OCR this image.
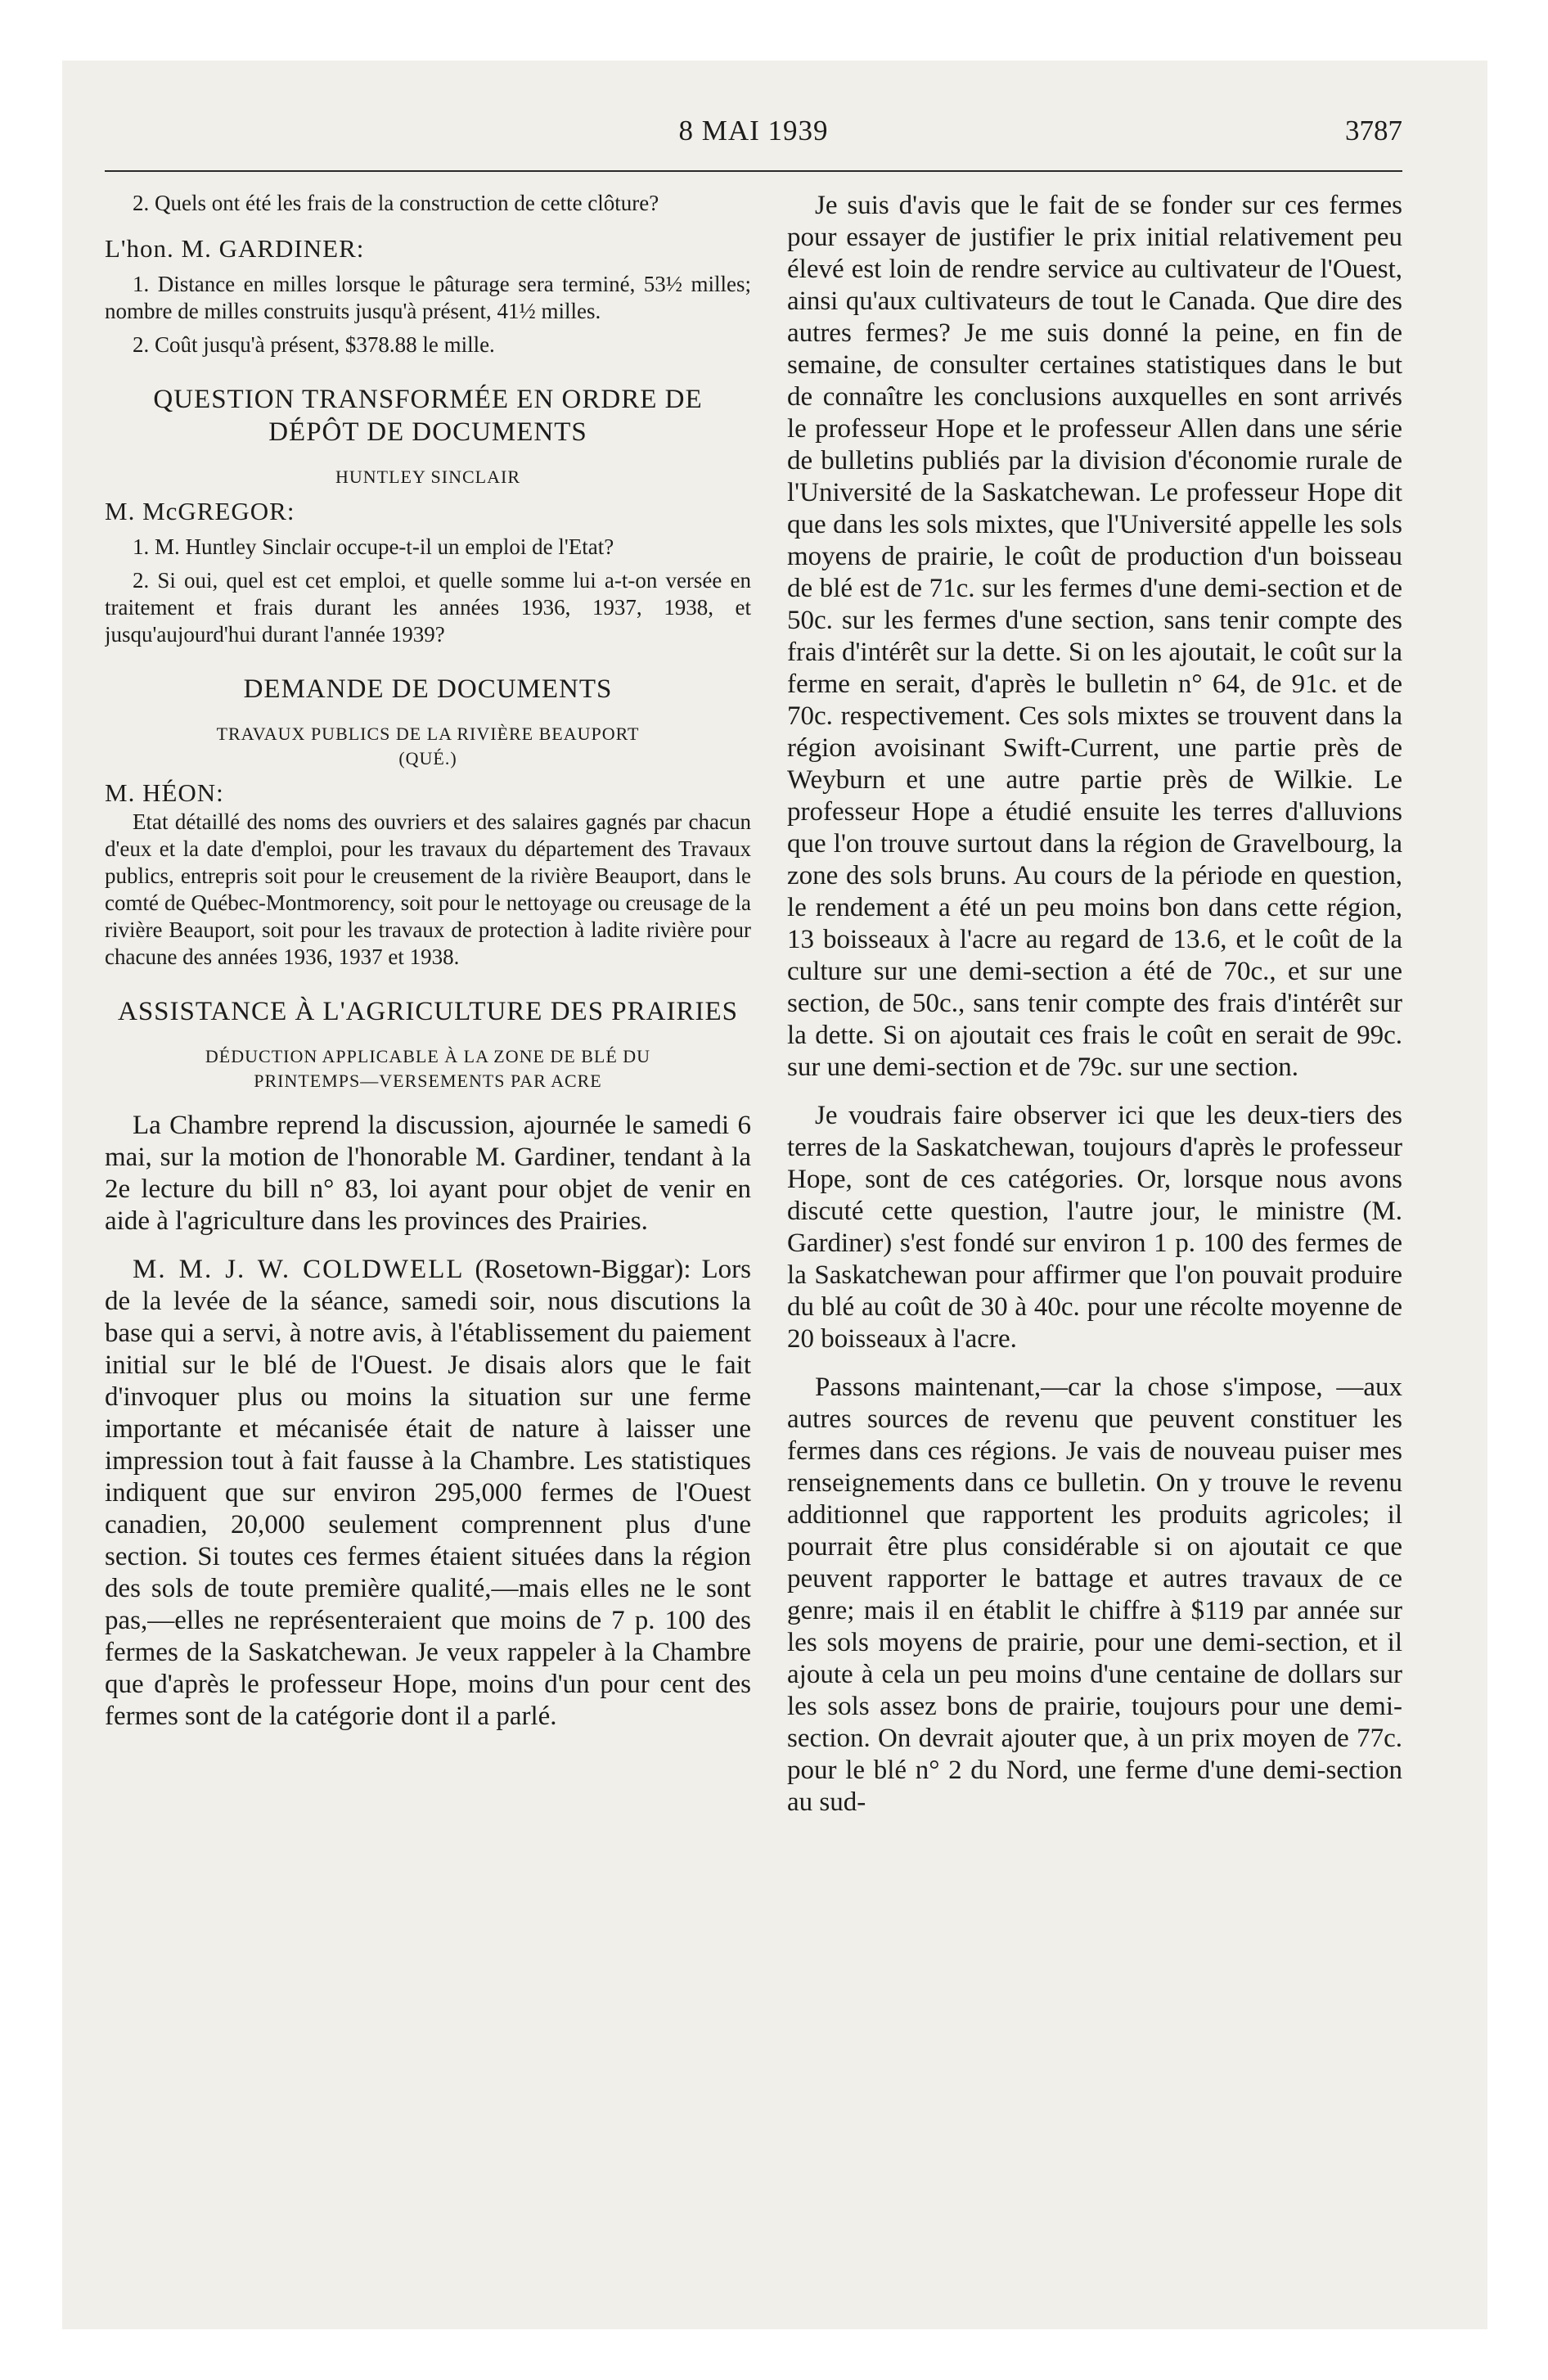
8 MAI 1939	3787

2. Quels ont été les frais de la construction de cette clôture?

L'hon. M. GARDINER:

1. Distance en milles lorsque le pâturage sera terminé, 53½ milles; nombre de milles construits jusqu'à présent, 41½ milles.

2. Coût jusqu'à présent, $378.88 le mille.

QUESTION TRANSFORMÉE EN ORDRE DE DÉPÔT DE DOCUMENTS

HUNTLEY SINCLAIR

M. McGREGOR:

1. M. Huntley Sinclair occupe-t-il un emploi de l'Etat?

2. Si oui, quel est cet emploi, et quelle somme lui a-t-on versée en traitement et frais durant les années 1936, 1937, 1938, et jusqu'aujourd'hui durant l'année 1939?

DEMANDE DE DOCUMENTS

TRAVAUX PUBLICS DE LA RIVIÈRE BEAUPORT

(QUÉ.)

M. HÉON:

Etat détaillé des noms des ouvriers et des salaires gagnés par chacun d'eux et la date d'emploi, pour les travaux du département des Travaux publics, entrepris soit pour le creusement de la rivière Beauport, dans le comté de Québec-Montmorency, soit pour le nettoyage ou creusage de la rivière Beauport, soit pour les travaux de protection à ladite rivière pour chacune des années 1936, 1937 et 1938.

ASSISTANCE À L'AGRICULTURE DES PRAIRIES

DÉDUCTION APPLICABLE À LA ZONE DE BLÉ DU

PRINTEMPS—VERSEMENTS PAR ACRE

La Chambre reprend la discussion, ajournée le samedi 6 mai, sur la motion de l'honorable M. Gardiner, tendant à la 2e lecture du bill n° 83, loi ayant pour objet de venir en aide à l'agriculture dans les provinces des Prairies.

M. M. J. W. COLDWELL (Rosetown-Biggar): Lors de la levée de la séance, samedi soir, nous discutions la base qui a servi, à notre avis, à l'établissement du paiement initial sur le blé de l'Ouest. Je disais alors que le fait d'invoquer plus ou moins la situation sur une ferme importante et mécanisée était de nature à laisser une impression tout à fait fausse à la Chambre. Les statistiques indiquent que sur environ 295,000 fermes de l'Ouest canadien, 20,000 seulement comprennent plus d'une section. Si toutes ces fermes étaient situées dans la région des sols de toute première qualité,—mais elles ne le sont pas,—elles ne représenteraient que moins de 7 p. 100 des fermes de la Saskatchewan. Je veux rappeler à la Chambre que d'après le professeur Hope, moins d'un pour cent des fermes sont de la catégorie dont il a parlé.

Je suis d'avis que le fait de se fonder sur ces fermes pour essayer de justifier le prix initial relativement peu élevé est loin de rendre service au cultivateur de l'Ouest, ainsi qu'aux cultivateurs de tout le Canada. Que dire des autres fermes? Je me suis donné la peine, en fin de semaine, de consulter certaines statistiques dans le but de connaître les conclusions auxquelles en sont arrivés le professeur Hope et le professeur Allen dans une série de bulletins publiés par la division d'économie rurale de l'Université de la Saskatchewan. Le professeur Hope dit que dans les sols mixtes, que l'Université appelle les sols moyens de prairie, le coût de production d'un boisseau de blé est de 71c. sur les fermes d'une demi-section et de 50c. sur les fermes d'une section, sans tenir compte des frais d'intérêt sur la dette. Si on les ajoutait, le coût sur la ferme en serait, d'après le bulletin n° 64, de 91c. et de 70c. respectivement. Ces sols mixtes se trouvent dans la région avoisinant Swift-Current, une partie près de Weyburn et une autre partie près de Wilkie. Le professeur Hope a étudié ensuite les terres d'alluvions que l'on trouve surtout dans la région de Gravelbourg, la zone des sols bruns. Au cours de la période en question, le rendement a été un peu moins bon dans cette région, 13 boisseaux à l'acre au regard de 13.6, et le coût de la culture sur une demi-section a été de 70c., et sur une section, de 50c., sans tenir compte des frais d'intérêt sur la dette. Si on ajoutait ces frais le coût en serait de 99c. sur une demi-section et de 79c. sur une section.

Je voudrais faire observer ici que les deux-tiers des terres de la Saskatchewan, toujours d'après le professeur Hope, sont de ces catégories. Or, lorsque nous avons discuté cette question, l'autre jour, le ministre (M. Gardiner) s'est fondé sur environ 1 p. 100 des fermes de la Saskatchewan pour affirmer que l'on pouvait produire du blé au coût de 30 à 40c. pour une récolte moyenne de 20 boisseaux à l'acre.

Passons maintenant,—car la chose s'impose, —aux autres sources de revenu que peuvent constituer les fermes dans ces régions. Je vais de nouveau puiser mes renseignements dans ce bulletin. On y trouve le revenu additionnel que rapportent les produits agricoles; il pourrait être plus considérable si on ajoutait ce que peuvent rapporter le battage et autres travaux de ce genre; mais il en établit le chiffre à $119 par année sur les sols moyens de prairie, pour une demi-section, et il ajoute à cela un peu moins d'une centaine de dollars sur les sols assez bons de prairie, toujours pour une demi-section. On devrait ajouter que, à un prix moyen de 77c. pour le blé n° 2 du Nord, une ferme d'une demi-section au sud-
